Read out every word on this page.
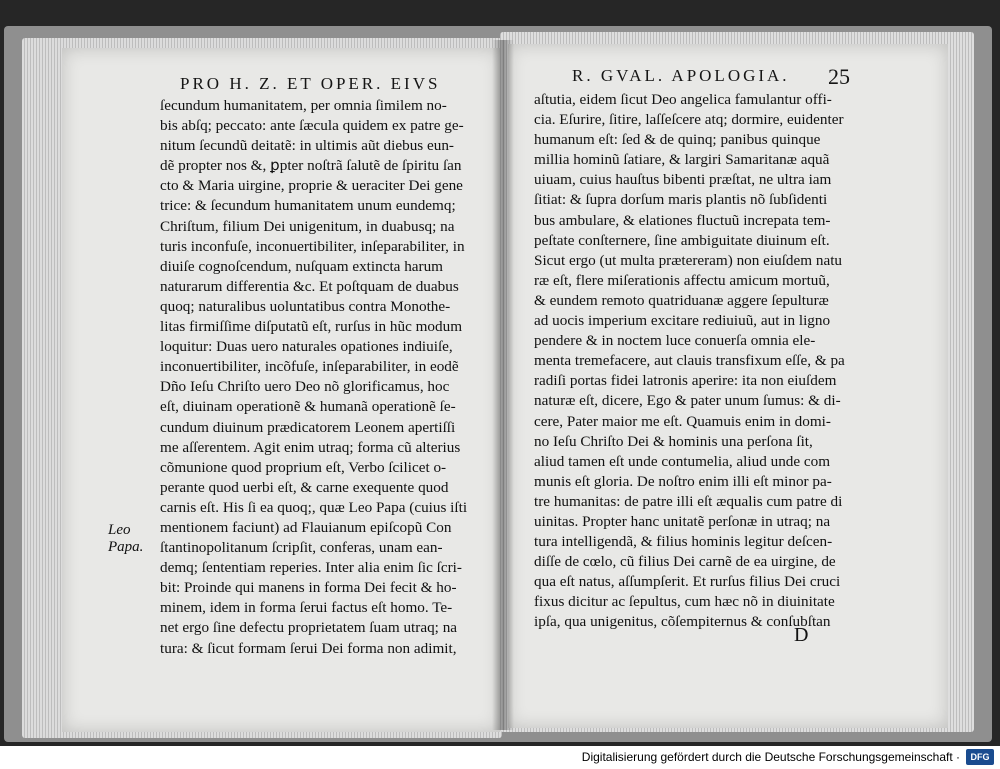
PRO H. Z. ET OPER. EIVS	R. GVAL. APOLOGIA. 25
ſecundum humanitatem, per omnia ſimilem no-
bis abſq; peccato: ante ſæcula quidem ex patre ge-
nitum ſecundũ deitatẽ: in ultimis aũt diebus eun-
dẽ propter nos &, ꝑpter noſtrã ſalutẽ de ſpiritu ſan
cto & Maria uirgine, proprie & ueraciter Dei gene
trice: & ſecundum humanitatem unum eundemq;
Chriſtum, filium Dei unigenitum, in duabusq; na
turis inconfuſe, inconuertibiliter, inſeparabiliter, in
diuiſe cognoſcendum, nuſquam extincta harum
naturarum differentia &c. Et poſtquam de duabus
quoq; naturalibus uoluntatibus contra Monothe-
litas firmiſſime diſputatũ eſt, rurſus in hũc modum
loquitur: Duas uero naturales opationes indiuiſe,
inconuertibiliter, incõfuſe, inſeparabiliter, in eodẽ
Dño Ieſu Chriſto uero Deo nõ glorificamus, hoc
eſt, diuinam operationẽ & humanã operationẽ ſe-
cundum diuinum prædicatorem Leonem apertiſſi
me aſſerentem. Agit enim utraq; forma cũ alterius
cõmunione quod proprium eſt, Verbo ſcilicet o-
perante quod uerbi eſt, & carne exequente quod
carnis eſt. His ſi ea quoq;, quæ Leo Papa (cuius iſti
mentionem faciunt) ad Flauianum epiſcopũ Con
ſtantinopolitanum ſcripſit, conferas, unam ean-
demq; ſententiam reperies. Inter alia enim ſic ſcri-
bit: Proinde qui manens in forma Dei fecit & ho-
minem, idem in forma ſerui factus eſt homo. Te-
net ergo ſine defectu proprietatem ſuam utraq; na
tura: & ſicut formam ſerui Dei forma non adimit,
aſtutia, eidem ſicut Deo angelica famulantur offi-
cia. Eſurire, ſitire, laſſeſcere atq; dormire, euidenter
humanum eſt: ſed & de quinq; panibus quinque
millia hominũ ſatiare, & largiri Samaritanæ aquã
uiuam, cuius hauſtus bibenti præſtat, ne ultra iam
ſitiat: & ſupra dorſum maris plantis nõ ſubſidenti
bus ambulare, & elationes fluctuũ increpata tem-
peſtate conſternere, ſine ambiguitate diuinum eſt.
Sicut ergo (ut multa prætereram) non eiuſdem natu
ræ eſt, flere miſerationis affectu amicum mortuũ,
& eundem remoto quatriduanæ aggere ſepulturæ
ad uocis imperium excitare rediuiuũ, aut in ligno
pendere & in noctem luce conuerſa omnia ele-
menta tremefacere, aut clauis transfixum eſſe, & pa
radiſi portas fidei latronis aperire: ita non eiuſdem
naturæ eſt, dicere, Ego & pater unum ſumus: & di-
cere, Pater maior me eſt. Quamuis enim in domi-
no Ieſu Chriſto Dei & hominis una perſona ſit,
aliud tamen eſt unde contumelia, aliud unde com
munis eſt gloria. De noſtro enim illi eſt minor pa-
tre humanitas: de patre illi eſt æqualis cum patre di
uinitas. Propter hanc unitatẽ perſonæ in utraq; na
tura intelligendã, & filius hominis legitur deſcen-
diſſe de cœlo, cũ filius Dei carnẽ de ea uirgine, de
qua eſt natus, aſſumpſerit. Et rurſus filius Dei cruci
fixus dicitur ac ſepultus, cum hæc nõ in diuinitate
ipſa, qua unigenitus, cõſempiternus & conſubſtan
Leo Papa.
D
Digitalisierung gefördert durch die Deutsche Forschungsgemeinschaft ·	DFG
